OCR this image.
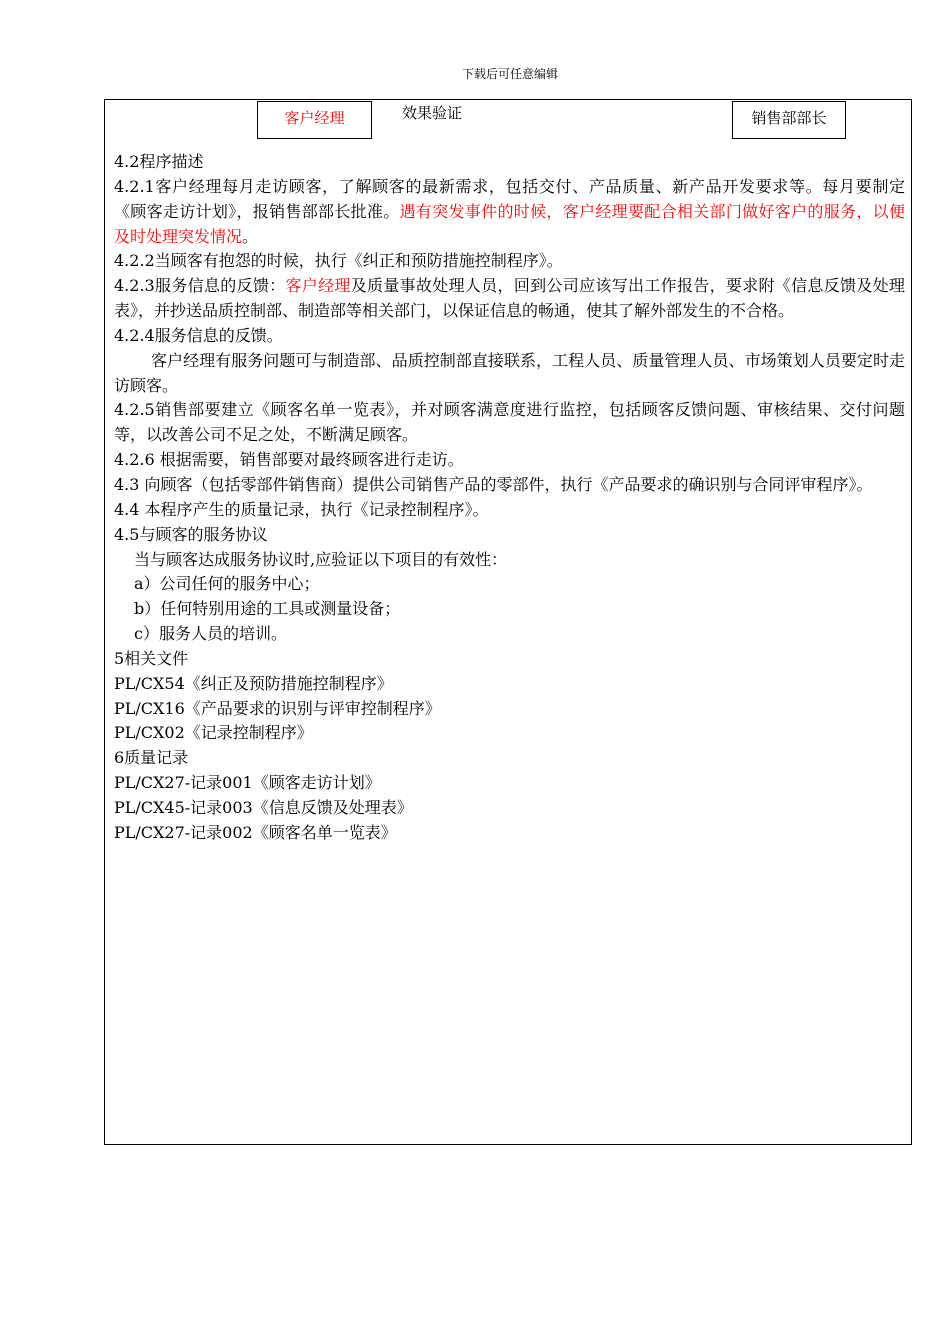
下载后可任意编辑
客户经理	效果验证	销售部部长

4.2程序描述

4.2.1客户经理每月走访顾客，了解顾客的最新需求，包括交付、产品质量、新产品开发要求等。每月要制定《顾客走访计划》，报销售部部长批准。遇有突发事件的时候，客户经理要配合相关部门做好客户的服务，以便及时处理突发情况。

4.2.2当顾客有抱怨的时候，执行《纠正和预防措施控制程序》。

4.2.3服务信息的反馈：客户经理及质量事故处理人员，回到公司应该写出工作报告，要求附《信息反馈及处理表》，并抄送品质控制部、制造部等相关部门，以保证信息的畅通，使其了解外部发生的不合格。

4.2.4服务信息的反馈。

客户经理有服务问题可与制造部、品质控制部直接联系，工程人员、质量管理人员、市场策划人员要定时走访顾客。

4.2.5销售部要建立《顾客名单一览表》，并对顾客满意度进行监控，包括顾客反馈问题、审核结果、交付问题等，以改善公司不足之处，不断满足顾客。

4.2.6 根据需要，销售部要对最终顾客进行走访。

4.3 向顾客（包括零部件销售商）提供公司销售产品的零部件，执行《产品要求的确识别与合同评审程序》。

4.4 本程序产生的质量记录，执行《记录控制程序》。

4.5与顾客的服务协议

当与顾客达成服务协议时,应验证以下项目的有效性：

a）公司任何的服务中心；

b）任何特别用途的工具或测量设备；

c）服务人员的培训。

5相关文件

PL/CX54《纠正及预防措施控制程序》

PL/CX16《产品要求的识别与评审控制程序》

PL/CX02《记录控制程序》

6质量记录

PL/CX27-记录001《顾客走访计划》

PL/CX45-记录003《信息反馈及处理表》

PL/CX27-记录002《顾客名单一览表》
